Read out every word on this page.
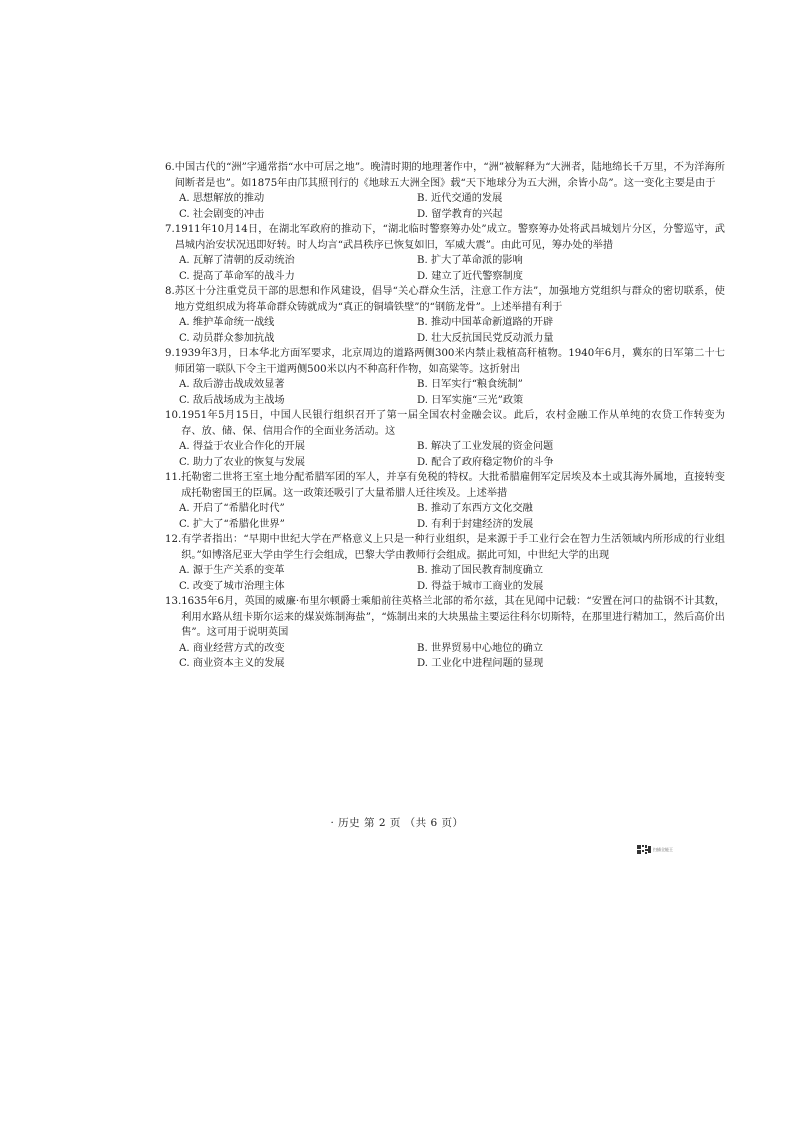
6. 中国古代的“洲”字通常指“水中可居之地”。晚清时期的地理著作中，“洲”被解释为“大洲者，陆地绵长千万里，不为洋海所间断者是也”。如1875年由邝其照刊行的《地球五大洲全图》载“天下地球分为五大洲，余皆小岛”。这一变化主要是由于
A. 思想解放的推动	B. 近代交通的发展
C. 社会剧变的冲击	D. 留学教育的兴起
7. 1911年10月14日，在湖北军政府的推动下，“湖北临时警察筹办处”成立。警察筹办处将武昌城划片分区，分警巡守，武昌城内治安状况迅即好转。时人均言“武昌秩序已恢复如旧，军威大震”。由此可见，筹办处的举措
A. 瓦解了清朝的反动统治	B. 扩大了革命派的影响
C. 提高了革命军的战斗力	D. 建立了近代警察制度
8. 苏区十分注重党员干部的思想和作风建设，倡导“关心群众生活，注意工作方法”，加强地方党组织与群众的密切联系，使地方党组织成为将革命群众铸就成为“真正的铜墙铁壁”的“钢筋龙骨”。上述举措有利于
A. 维护革命统一战线	B. 推动中国革命新道路的开辟
C. 动员群众参加抗战	D. 壮大反抗国民党反动派力量
9. 1939年3月，日本华北方面军要求，北京周边的道路两侧300米内禁止栽植高秆植物。1940年6月，冀东的日军第二十七师团第一联队下令主干道两侧500米以内不种高秆作物，如高粱等。这折射出
A. 敌后游击战成效显著	B. 日军实行“粮食统制”
C. 敌后战场成为主战场	D. 日军实施“三光”政策
10. 1951年5月15日，中国人民银行组织召开了第一届全国农村金融会议。此后，农村金融工作从单纯的农贷工作转变为存、放、储、保、信用合作的全面业务活动。这
A. 得益于农业合作化的开展	B. 解决了工业发展的资金问题
C. 助力了农业的恢复与发展	D. 配合了政府稳定物价的斗争
11. 托勒密二世将王室土地分配希腊军团的军人，并享有免税的特权。大批希腊雇佣军定居埃及本土或其海外属地，直接转变成托勒密国王的臣属。这一政策还吸引了大量希腊人迁往埃及。上述举措
A. 开启了“希腊化时代”	B. 推动了东西方文化交融
C. 扩大了“希腊化世界”	D. 有利于封建经济的发展
12. 有学者指出：“早期中世纪大学在严格意义上只是一种行业组织，是来源于手工业行会在智力生活领域内所形成的行业组织。”如博洛尼亚大学由学生行会组成，巴黎大学由教师行会组成。据此可知，中世纪大学的出现
A. 源于生产关系的变革	B. 推动了国民教育制度确立
C. 改变了城市治理主体	D. 得益于城市工商业的发展
13. 1635年6月，英国的威廉·布里尔顿爵士乘船前往英格兰北部的希尔兹，其在见闻中记载：“安置在河口的盐锅不计其数，利用水路从纽卡斯尔运来的煤炭炼制海盐”，“炼制出来的大块黑盐主要运往科尔切斯特，在那里进行精加工，然后高价出售”。这可用于说明英国
A. 商业经营方式的改变	B. 世界贸易中心地位的确立
C. 商业资本主义的发展	D. 工业化中进程问题的显现
· 历史 第 2 页 （共 6 页）
扫描全能王
